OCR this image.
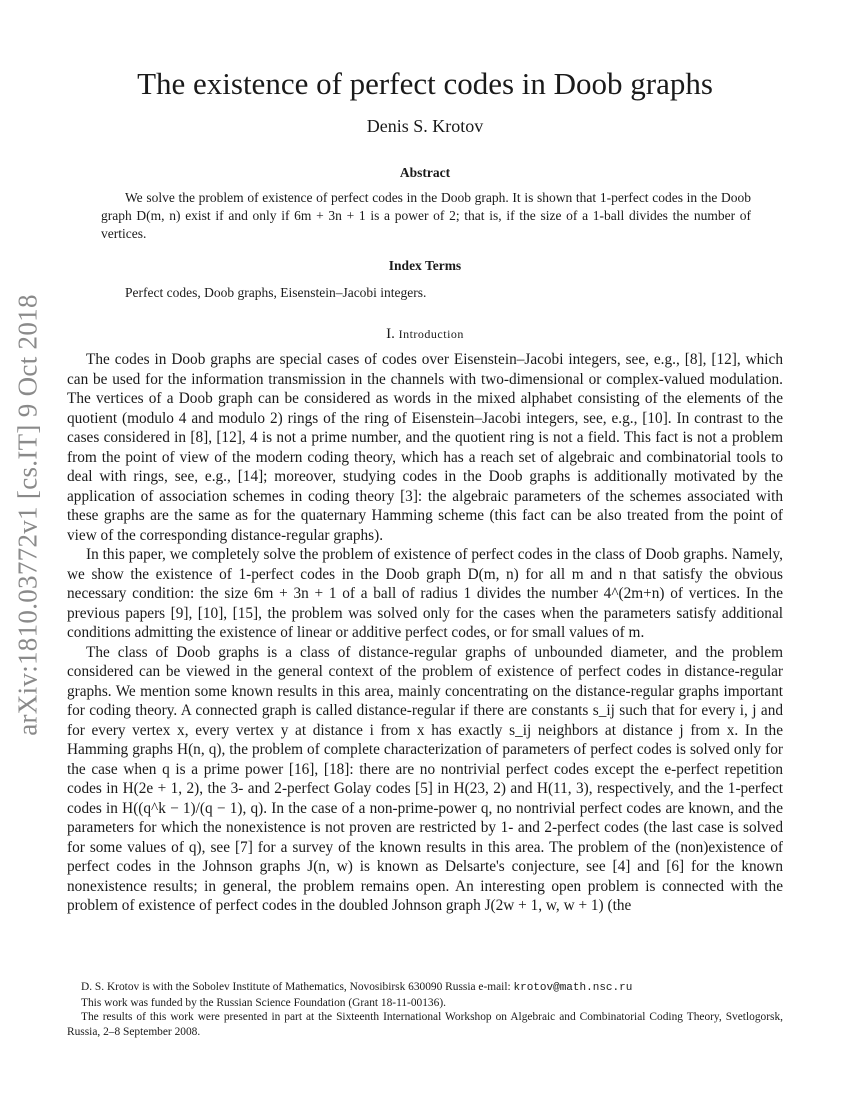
arXiv:1810.03772v1 [cs.IT] 9 Oct 2018
The existence of perfect codes in Doob graphs
Denis S. Krotov
Abstract
We solve the problem of existence of perfect codes in the Doob graph. It is shown that 1-perfect codes in the Doob graph D(m, n) exist if and only if 6m + 3n + 1 is a power of 2; that is, if the size of a 1-ball divides the number of vertices.
Index Terms
Perfect codes, Doob graphs, Eisenstein–Jacobi integers.
I. Introduction

The codes in Doob graphs are special cases of codes over Eisenstein–Jacobi integers, see, e.g., [8], [12], which can be used for the information transmission in the channels with two-dimensional or complex-valued modulation. The vertices of a Doob graph can be considered as words in the mixed alphabet consisting of the elements of the quotient (modulo 4 and modulo 2) rings of the ring of Eisenstein–Jacobi integers, see, e.g., [10]. In contrast to the cases considered in [8], [12], 4 is not a prime number, and the quotient ring is not a field. This fact is not a problem from the point of view of the modern coding theory, which has a reach set of algebraic and combinatorial tools to deal with rings, see, e.g., [14]; moreover, studying codes in the Doob graphs is additionally motivated by the application of association schemes in coding theory [3]: the algebraic parameters of the schemes associated with these graphs are the same as for the quaternary Hamming scheme (this fact can be also treated from the point of view of the corresponding distance-regular graphs).

In this paper, we completely solve the problem of existence of perfect codes in the class of Doob graphs. Namely, we show the existence of 1-perfect codes in the Doob graph D(m, n) for all m and n that satisfy the obvious necessary condition: the size 6m + 3n + 1 of a ball of radius 1 divides the number 4^(2m+n) of vertices. In the previous papers [9], [10], [15], the problem was solved only for the cases when the parameters satisfy additional conditions admitting the existence of linear or additive perfect codes, or for small values of m.

The class of Doob graphs is a class of distance-regular graphs of unbounded diameter, and the problem considered can be viewed in the general context of the problem of existence of perfect codes in distance-regular graphs. We mention some known results in this area, mainly concentrating on the distance-regular graphs important for coding theory. A connected graph is called distance-regular if there are constants s_ij such that for every i, j and for every vertex x, every vertex y at distance i from x has exactly s_ij neighbors at distance j from x. In the Hamming graphs H(n, q), the problem of complete characterization of parameters of perfect codes is solved only for the case when q is a prime power [16], [18]: there are no nontrivial perfect codes except the e-perfect repetition codes in H(2e + 1, 2), the 3- and 2-perfect Golay codes [5] in H(23, 2) and H(11, 3), respectively, and the 1-perfect codes in H((q^k − 1)/(q − 1), q). In the case of a non-prime-power q, no nontrivial perfect codes are known, and the parameters for which the nonexistence is not proven are restricted by 1- and 2-perfect codes (the last case is solved for some values of q), see [7] for a survey of the known results in this area. The problem of the (non)existence of perfect codes in the Johnson graphs J(n, w) is known as Delsarte's conjecture, see [4] and [6] for the known nonexistence results; in general, the problem remains open. An interesting open problem is connected with the problem of existence of perfect codes in the doubled Johnson graph J(2w + 1, w, w + 1) (the

D. S. Krotov is with the Sobolev Institute of Mathematics, Novosibirsk 630090 Russia e-mail: krotov@math.nsc.ru

This work was funded by the Russian Science Foundation (Grant 18-11-00136).

The results of this work were presented in part at the Sixteenth International Workshop on Algebraic and Combinatorial Coding Theory, Svetlogorsk, Russia, 2–8 September 2008.
